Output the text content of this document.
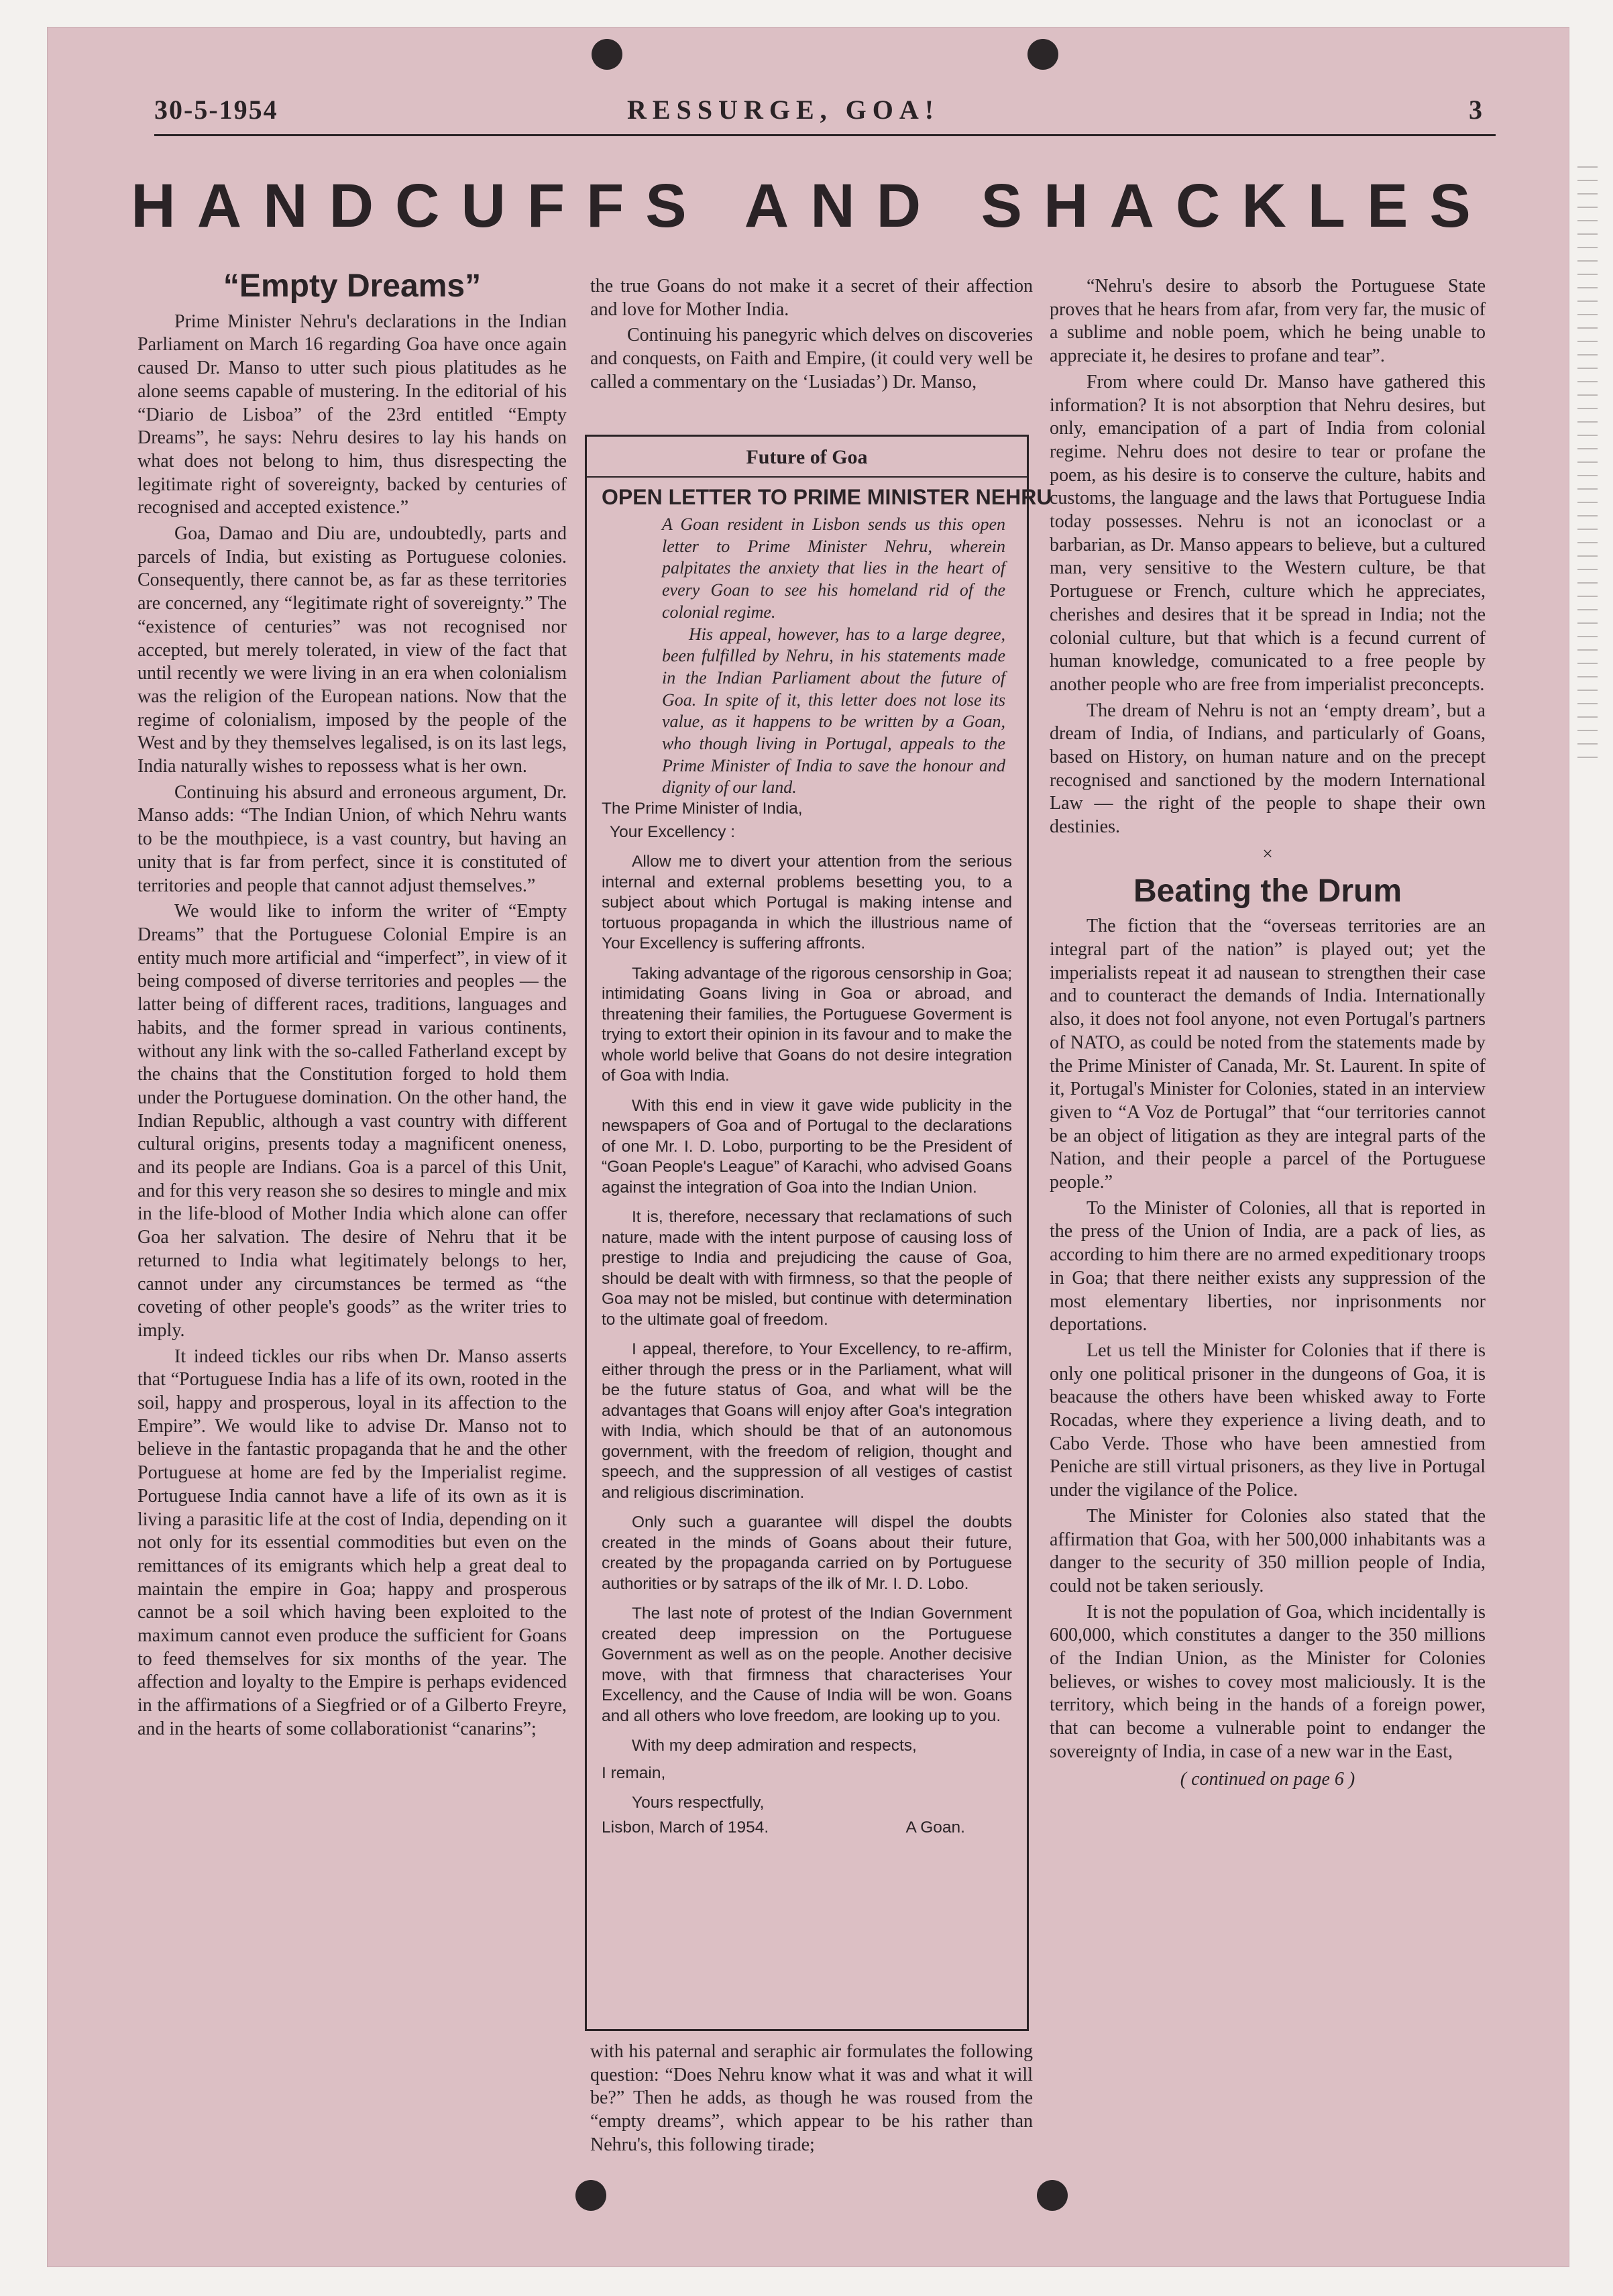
30-5-1954	RESSURGE, GOA!	3
HANDCUFFS AND SHACKLES
“Empty Dreams”

Prime Minister Nehru's declarations in the Indian Parliament on March 16 regarding Goa have once again caused Dr. Manso to utter such pious platitudes as he alone seems capable of mustering. In the editorial of his “Diario de Lisboa” of the 23rd entitled “Empty Dreams”, he says: Nehru desires to lay his hands on what does not belong to him, thus disrespecting the legitimate right of sovereignty, backed by centuries of recognised and accepted existence.”

Goa, Damao and Diu are, undoubtedly, parts and parcels of India, but existing as Portuguese colonies. Consequently, there cannot be, as far as these territories are concerned, any “legitimate right of sovereignty.” The “existence of centuries” was not recognised nor accepted, but merely tolerated, in view of the fact that until recently we were living in an era when colonialism was the religion of the European nations. Now that the regime of colonialism, imposed by the people of the West and by they themselves legalised, is on its last legs, India naturally wishes to repossess what is her own.

Continuing his absurd and erroneous argument, Dr. Manso adds: “The Indian Union, of which Nehru wants to be the mouthpiece, is a vast country, but having an unity that is far from perfect, since it is constituted of territories and people that cannot adjust themselves.”

We would like to inform the writer of “Empty Dreams” that the Portuguese Colonial Empire is an entity much more artificial and “imperfect”, in view of it being composed of diverse territories and peoples — the latter being of different races, traditions, languages and habits, and the former spread in various continents, without any link with the so-called Fatherland except by the chains that the Constitution forged to hold them under the Portuguese domination. On the other hand, the Indian Republic, although a vast country with different cultural origins, presents today a magnificent oneness, and its people are Indians. Goa is a parcel of this Unit, and for this very reason she so desires to mingle and mix in the life-blood of Mother India which alone can offer Goa her salvation. The desire of Nehru that it be returned to India what legitimately belongs to her, cannot under any circumstances be termed as “the coveting of other people's goods” as the writer tries to imply.

It indeed tickles our ribs when Dr. Manso asserts that “Portuguese India has a life of its own, rooted in the soil, happy and prosperous, loyal in its affection to the Empire”. We would like to advise Dr. Manso not to believe in the fantastic propaganda that he and the other Portuguese at home are fed by the Imperialist regime. Portuguese India cannot have a life of its own as it is living a parasitic life at the cost of India, depending on it not only for its essential commodities but even on the remittances of its emigrants which help a great deal to maintain the empire in Goa; happy and prosperous cannot be a soil which having been exploited to the maximum cannot even produce the sufficient for Goans to feed themselves for six months of the year. The affection and loyalty to the Empire is perhaps evidenced in the affirmations of a Siegfried or of a Gilberto Freyre, and in the hearts of some collaborationist “canarins”;

the true Goans do not make it a secret of their affection and love for Mother India.

Continuing his panegyric which delves on discoveries and conquests, on Faith and Empire, (it could very well be called a commentary on the ‘Lusiadas’) Dr. Manso,

Future of Goa
OPEN LETTER TO PRIME MINISTER NEHRU

A Goan resident in Lisbon sends us this open letter to Prime Minister Nehru, wherein palpitates the anxiety that lies in the heart of every Goan to see his homeland rid of the colonial regime.

His appeal, however, has to a large degree, been fulfilled by Nehru, in his statements made in the Indian Parliament about the future of Goa. In spite of it, this letter does not lose its value, as it happens to be written by a Goan, who though living in Portugal, appeals to the Prime Minister of India to save the honour and dignity of our land.

The Prime Minister of India,

Your Excellency :

Allow me to divert your attention from the serious internal and external problems besetting you, to a subject about which Portugal is making intense and tortuous propaganda in which the illustrious name of Your Excellency is suffering affronts.

Taking advantage of the rigorous censorship in Goa; intimidating Goans living in Goa or abroad, and threatening their families, the Portuguese Goverment is trying to extort their opinion in its favour and to make the whole world belive that Goans do not desire integration of Goa with India.

With this end in view it gave wide publicity in the newspapers of Goa and of Portugal to the declarations of one Mr. I. D. Lobo, purporting to be the President of “Goan People's League” of Karachi, who advised Goans against the integration of Goa into the Indian Union.

It is, therefore, necessary that reclamations of such nature, made with the intent purpose of causing loss of prestige to India and prejudicing the cause of Goa, should be dealt with with firmness, so that the people of Goa may not be misled, but continue with determination to the ultimate goal of freedom.

I appeal, therefore, to Your Excellency, to re-affirm, either through the press or in the Parliament, what will be the future status of Goa, and what will be the advantages that Goans will enjoy after Goa's integration with India, which should be that of an autonomous government, with the freedom of religion, thought and speech, and the suppression of all vestiges of castist and religious discrimination.

Only such a guarantee will dispel the doubts created in the minds of Goans about their future, created by the propaganda carried on by Portuguese authorities or by satraps of the ilk of Mr. I. D. Lobo.

The last note of protest of the Indian Government created deep impression on the Portuguese Government as well as on the people. Another decisive move, with that firmness that characterises Your Excellency, and the Cause of India will be won. Goans and all others who love freedom, are looking up to you.

With my deep admiration and respects,

I remain,

Yours respectfully,

Lisbon, March of 1954.	A Goan.

with his paternal and seraphic air formulates the following question: “Does Nehru know what it was and what it will be?” Then he adds, as though he was roused from the “empty dreams”, which appear to be his rather than Nehru's, this following tirade;

“Nehru's desire to absorb the Portuguese State proves that he hears from afar, from very far, the music of a sublime and noble poem, which he being unable to appreciate it, he desires to profane and tear”.

From where could Dr. Manso have gathered this information? It is not absorption that Nehru desires, but only, emancipation of a part of India from colonial regime. Nehru does not desire to tear or profane the poem, as his desire is to conserve the culture, habits and customs, the language and the laws that Portuguese India today possesses. Nehru is not an iconoclast or a barbarian, as Dr. Manso appears to believe, but a cultured man, very sensitive to the Western culture, be that Portuguese or French, culture which he appreciates, cherishes and desires that it be spread in India; not the colonial culture, but that which is a fecund current of human knowledge, comunicated to a free people by another people who are free from imperialist preconcepts.

The dream of Nehru is not an ‘empty dream’, but a dream of India, of Indians, and particularly of Goans, based on History, on human nature and on the precept recognised and sanctioned by the modern International Law — the right of the people to shape their own destinies.

×
Beating the Drum

The fiction that the “overseas territories are an integral part of the nation” is played out; yet the imperialists repeat it ad nausean to strengthen their case and to counteract the demands of India. Internationally also, it does not fool anyone, not even Portugal's partners of NATO, as could be noted from the statements made by the Prime Minister of Canada, Mr. St. Laurent. In spite of it, Portugal's Minister for Colonies, stated in an interview given to “A Voz de Portugal” that “our territories cannot be an object of litigation as they are integral parts of the Nation, and their people a parcel of the Portuguese people.”

To the Minister of Colonies, all that is reported in the press of the Union of India, are a pack of lies, as according to him there are no armed expeditionary troops in Goa; that there neither exists any suppression of the most elementary liberties, nor inprisonments nor deportations.

Let us tell the Minister for Colonies that if there is only one political prisoner in the dungeons of Goa, it is beacause the others have been whisked away to Forte Rocadas, where they experience a living death, and to Cabo Verde. Those who have been amnestied from Peniche are still virtual prisoners, as they live in Portugal under the vigilance of the Police.

The Minister for Colonies also stated that the affirmation that Goa, with her 500,000 inhabitants was a danger to the security of 350 million people of India, could not be taken seriously.

It is not the population of Goa, which incidentally is 600,000, which constitutes a danger to the 350 millions of the Indian Union, as the Minister for Colonies believes, or wishes to covey most maliciously. It is the territory, which being in the hands of a foreign power, that can become a vulnerable point to endanger the sovereignty of India, in case of a new war in the East,

( continued on page 6 )
